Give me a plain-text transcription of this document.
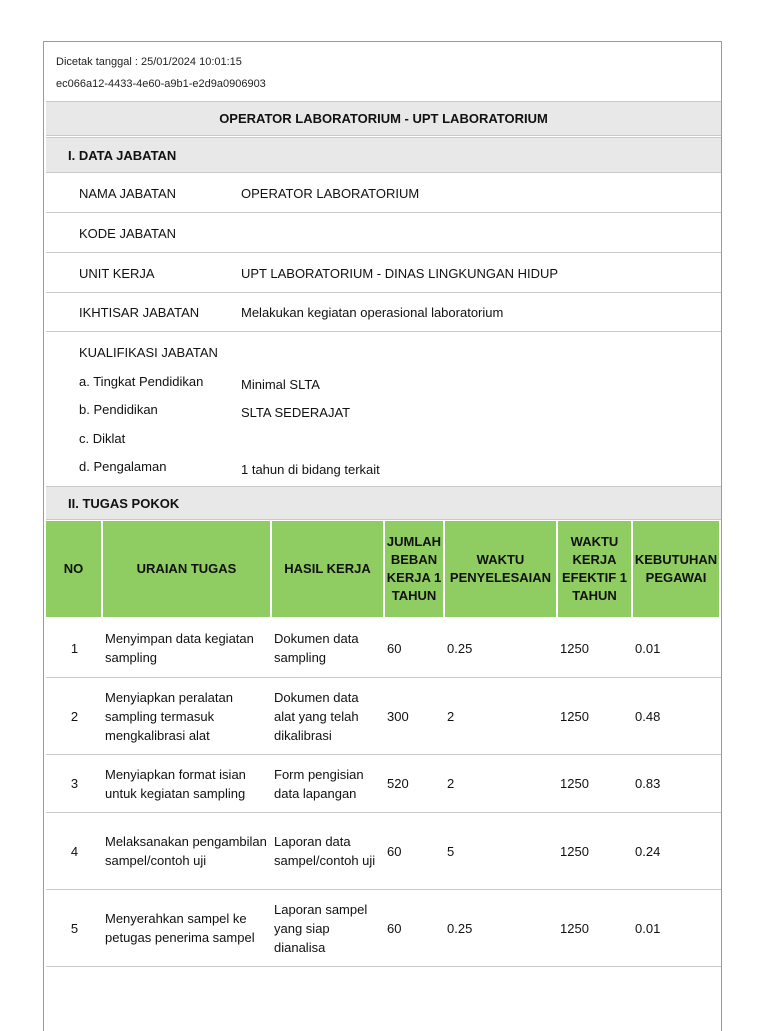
Dicetak tanggal : 25/01/2024 10:01:15
ec066a12-4433-4e60-a9b1-e2d9a0906903
OPERATOR LABORATORIUM - UPT LABORATORIUM
I. DATA JABATAN
NAMA JABATAN	OPERATOR LABORATORIUM
KODE JABATAN
UNIT KERJA	UPT LABORATORIUM - DINAS LINGKUNGAN HIDUP
IKHTISAR JABATAN	Melakukan kegiatan operasional laboratorium
KUALIFIKASI JABATAN
a. Tingkat Pendidikan	Minimal SLTA
b. Pendidikan	SLTA SEDERAJAT
c. Diklat
d. Pengalaman	1 tahun di bidang terkait
II. TUGAS POKOK
NO	URAIAN TUGAS	HASIL KERJA	JUMLAH BEBAN KERJA 1 TAHUN	WAKTU PENYELESAIAN	WAKTU KERJA EFEKTIF 1 TAHUN	KEBUTUHAN PEGAWAI
1	Menyimpan data kegiatan sampling	Dokumen data sampling	60	0.25	1250	0.01
2	Menyiapkan peralatan sampling termasuk mengkalibrasi alat	Dokumen data alat yang telah dikalibrasi	300	2	1250	0.48
3	Menyiapkan format isian untuk kegiatan sampling	Form pengisian data lapangan	520	2	1250	0.83
4	Melaksanakan pengambilan sampel/contoh uji	Laporan data sampel/contoh uji	60	5	1250	0.24
5	Menyerahkan sampel ke petugas penerima sampel	Laporan sampel yang siap dianalisa	60	0.25	1250	0.01
